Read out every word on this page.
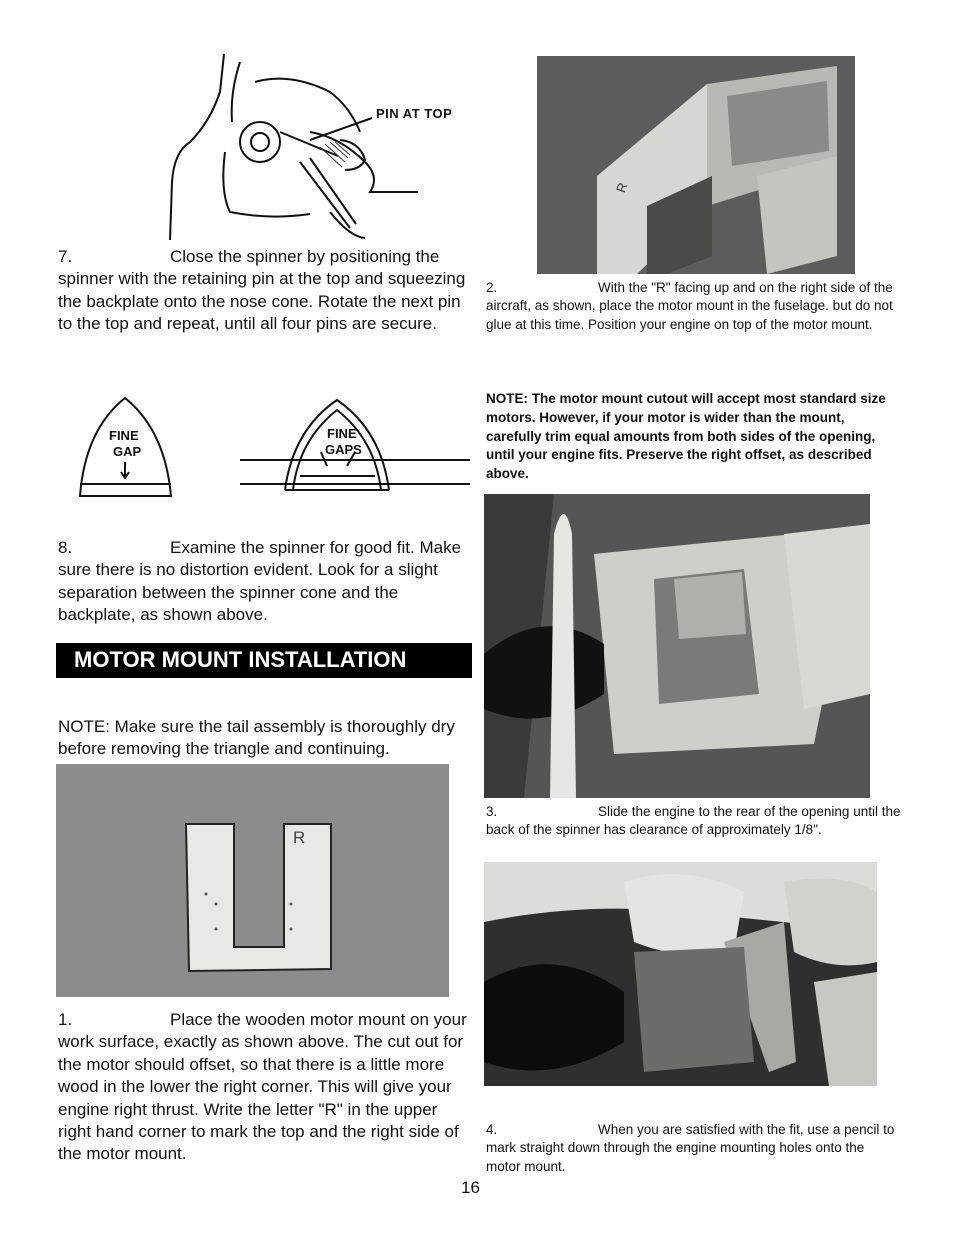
PIN AT TOP
7.	Close the spinner by positioning the spinner with the retaining pin at the top and squeezing the backplate onto the nose cone. Rotate the next pin to the top and repeat, until all four pins are secure.
FINE
GAP
FINE
GAPS
8.	Examine the spinner for good fit. Make sure there is no distortion evident. Look for a slight separation between the spinner cone and the backplate, as shown above.
MOTOR MOUNT INSTALLATION
NOTE: Make sure the tail assembly is thoroughly dry before removing the triangle and continuing.
R
1.	Place the wooden motor mount on your work surface, exactly as shown above. The cut out for the motor should offset, so that there is a little more wood in the lower the right corner. This will give your engine right thrust. Write the letter "R" in the upper right hand corner to mark the top and the right side of the motor mount.
R
2.	With the "R" facing up and on the right side of the aircraft, as shown, place the motor mount in the fuselage. but do not glue at this time. Position your engine on top of the motor mount.
NOTE: The motor mount cutout will accept most standard size motors. However, if your motor is wider than the mount, carefully trim equal amounts from both sides of the opening, until your engine fits. Preserve the right offset, as described above.
3.	Slide the engine to the rear of the opening until the back of the spinner has clearance of approximately 1/8".
4.	When you are satisfied with the fit, use a pencil to mark straight down through the engine mounting holes onto the motor mount.
16
